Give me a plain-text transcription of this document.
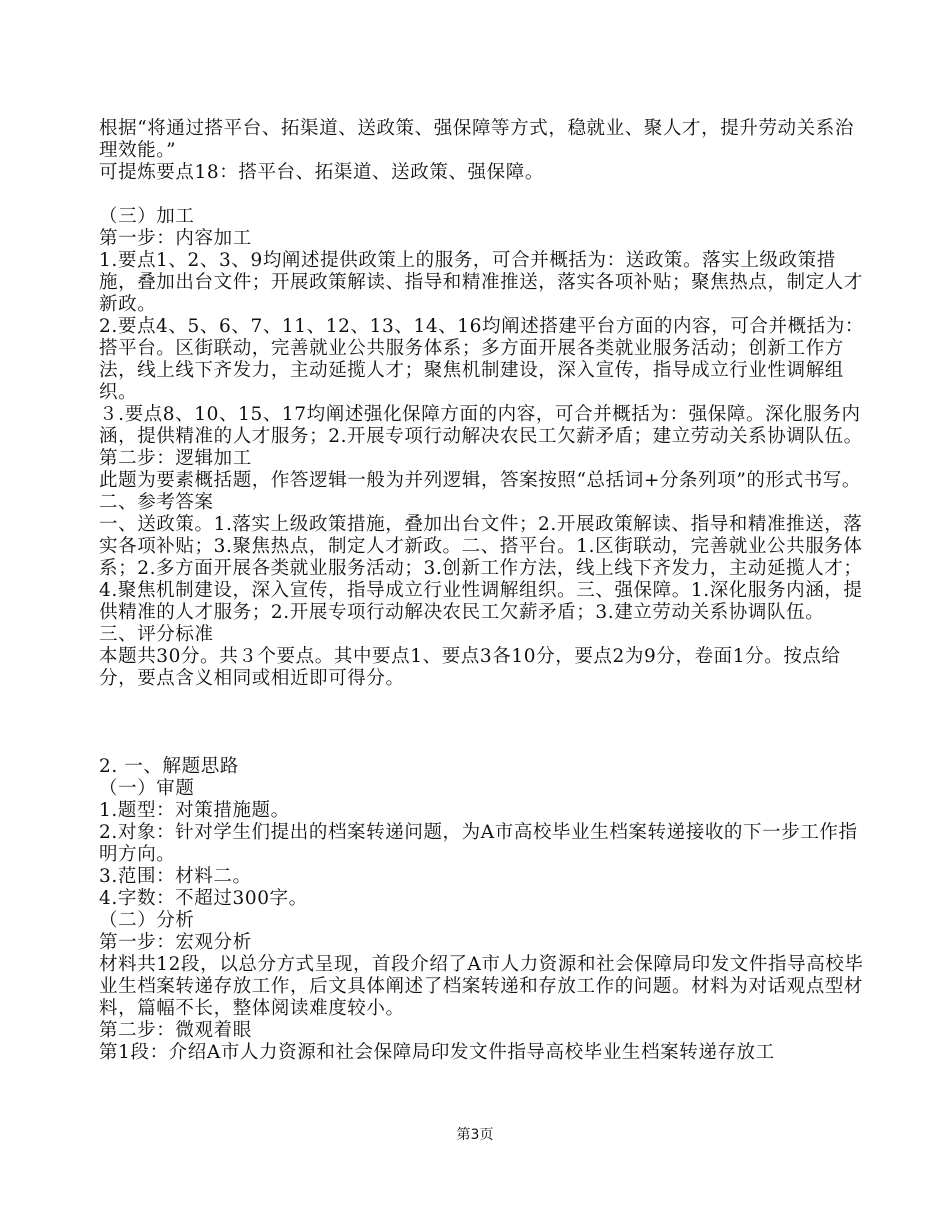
根据“将通过搭平台、拓渠道、送政策、强保障等方式，稳就业、聚人才，提升劳动关系治理效能。”

可提炼要点18：搭平台、拓渠道、送政策、强保障。

（三）加工

第一步：内容加工

1.要点1、2、3、9均阐述提供政策上的服务，可合并概括为：送政策。落实上级政策措施，叠加出台文件；开展政策解读、指导和精准推送，落实各项补贴；聚焦热点，制定人才新政。

2.要点4、5、6、7、11、12、13、14、16均阐述搭建平台方面的内容，可合并概括为：搭平台。区街联动，完善就业公共服务体系；多方面开展各类就业服务活动；创新工作方法，线上线下齐发力，主动延揽人才；聚焦机制建设，深入宣传，指导成立行业性调解组织。

３.要点8、10、15、17均阐述强化保障方面的内容，可合并概括为：强保障。深化服务内涵，提供精准的人才服务；2.开展专项行动解决农民工欠薪矛盾；建立劳动关系协调队伍。

第二步：逻辑加工

此题为要素概括题，作答逻辑一般为并列逻辑，答案按照“总括词+分条列项”的形式书写。

二、参考答案

一、送政策。1.落实上级政策措施，叠加出台文件；2.开展政策解读、指导和精准推送，落实各项补贴；3.聚焦热点，制定人才新政。二、搭平台。1.区街联动，完善就业公共服务体系；2.多方面开展各类就业服务活动；3.创新工作方法，线上线下齐发力，主动延揽人才；4.聚焦机制建设，深入宣传，指导成立行业性调解组织。三、强保障。1.深化服务内涵，提供精准的人才服务；2.开展专项行动解决农民工欠薪矛盾；3.建立劳动关系协调队伍。

三、评分标准

本题共30分。共３个要点。其中要点1、要点3各10分，要点2为9分，卷面1分。按点给分，要点含义相同或相近即可得分。

2. 一、解题思路

（一）审题

1.题型：对策措施题。

2.对象：针对学生们提出的档案转递问题，为A市高校毕业生档案转递接收的下一步工作指明方向。

3.范围：材料二。

4.字数：不超过300字。

（二）分析

第一步：宏观分析

材料共12段，以总分方式呈现，首段介绍了A市人力资源和社会保障局印发文件指导高校毕业生档案转递存放工作，后文具体阐述了档案转递和存放工作的问题。材料为对话观点型材料，篇幅不长，整体阅读难度较小。

第二步：微观着眼

第1段：介绍A市人力资源和社会保障局印发文件指导高校毕业生档案转递存放工

第3页
